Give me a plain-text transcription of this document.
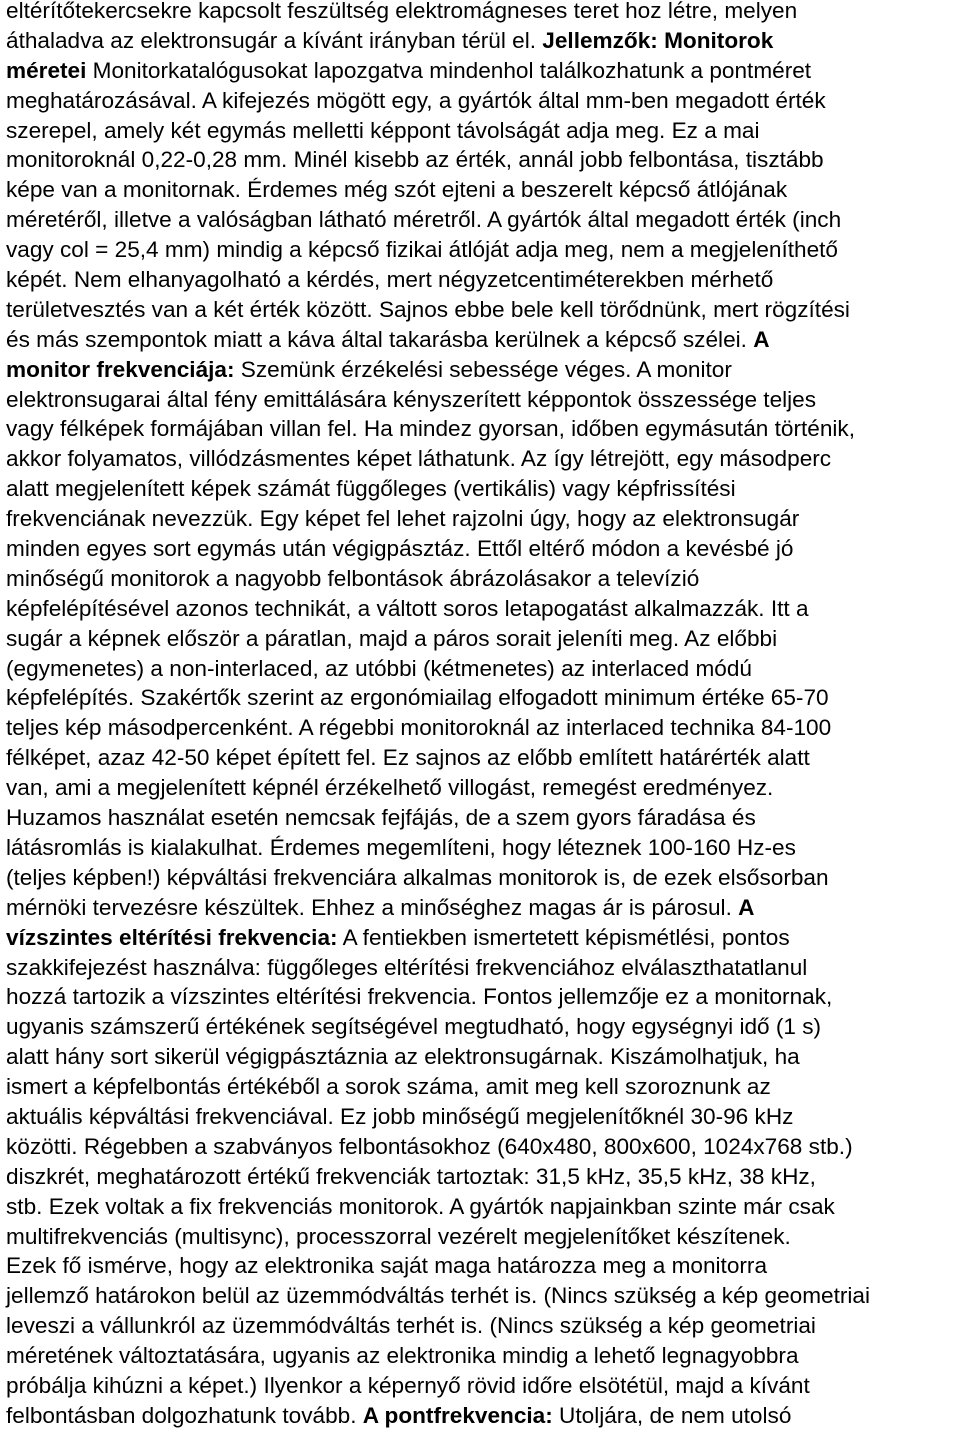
eltérítőtekercsekre kapcsolt feszültség elektromágneses teret hoz létre, melyen
áthaladva az elektronsugár a kívánt irányban térül el. Jellemzők: Monitorok
méretei Monitorkatalógusokat lapozgatva mindenhol találkozhatunk a pontméret
meghatározásával. A kifejezés mögött egy, a gyártók által mm-ben megadott érték
szerepel, amely két egymás melletti képpont távolságát adja meg. Ez a mai
monitoroknál 0,22-0,28 mm. Minél kisebb az érték, annál jobb felbontása, tisztább
képe van a monitornak. Érdemes még szót ejteni a beszerelt képcső átlójának
méretéről, illetve a valóságban látható méretről. A gyártók által megadott érték (inch
vagy col = 25,4 mm) mindig a képcső fizikai átlóját adja meg, nem a megjeleníthető
képét. Nem elhanyagolható a kérdés, mert négyzetcentiméterekben mérhető
területvesztés van a két érték között. Sajnos ebbe bele kell törődnünk, mert rögzítési
és más szempontok miatt a káva által takarásba kerülnek a képcső szélei. A
monitor frekvenciája: Szemünk érzékelési sebessége véges. A monitor
elektronsugarai által fény emittálására kényszerített képpontok összessége teljes
vagy félképek formájában villan fel. Ha mindez gyorsan, időben egymásután történik,
akkor folyamatos, villódzásmentes képet láthatunk. Az így létrejött, egy másodperc
alatt megjelenített képek számát függőleges (vertikális) vagy képfrissítési
frekvenciának nevezzük. Egy képet fel lehet rajzolni úgy, hogy az elektronsugár
minden egyes sort egymás után végigpásztáz. Ettől eltérő módon a kevésbé jó
minőségű monitorok a nagyobb felbontások ábrázolásakor a televízió
képfelépítésével azonos technikát, a váltott soros letapogatást alkalmazzák. Itt a
sugár a képnek először a páratlan, majd a páros sorait jeleníti meg. Az előbbi
(egymenetes) a non-interlaced, az utóbbi (kétmenetes) az interlaced módú
képfelépítés. Szakértők szerint az ergonómiailag elfogadott minimum értéke 65-70
teljes kép másodpercenként. A régebbi monitoroknál az interlaced technika 84-100
félképet, azaz 42-50 képet épített fel. Ez sajnos az előbb említett határérték alatt
van, ami a megjelenített képnél érzékelhető villogást, remegést eredményez.
Huzamos használat esetén nemcsak fejfájás, de a szem gyors fáradása és
látásromlás is kialakulhat. Érdemes megemlíteni, hogy léteznek 100-160 Hz-es
(teljes képben!) képváltási frekvenciára alkalmas monitorok is, de ezek elsősorban
mérnöki tervezésre készültek. Ehhez a minőséghez magas ár is párosul. A
vízszintes eltérítési frekvencia: A fentiekben ismertetett képismétlési, pontos
szakkifejezést használva: függőleges eltérítési frekvenciához elválaszthatatlanul
hozzá tartozik a vízszintes eltérítési frekvencia. Fontos jellemzője ez a monitornak,
ugyanis számszerű értékének segítségével megtudható, hogy egységnyi idő (1 s)
alatt hány sort sikerül végigpásztáznia az elektronsugárnak. Kiszámolhatjuk, ha
ismert a képfelbontás értékéből a sorok száma, amit meg kell szoroznunk az
aktuális képváltási frekvenciával. Ez jobb minőségű megjelenítőknél 30-96 kHz
közötti. Régebben a szabványos felbontásokhoz (640x480, 800x600, 1024x768 stb.)
diszkrét, meghatározott értékű frekvenciák tartoztak: 31,5 kHz, 35,5 kHz, 38 kHz,
stb. Ezek voltak a fix frekvenciás monitorok. A gyártók napjainkban szinte már csak
multifrekvenciás (multisync), processzorral vezérelt megjelenítőket készítenek.
Ezek fő ismérve, hogy az elektronika saját maga határozza meg a monitorra
jellemző határokon belül az üzemmódváltás terhét is. (Nincs szükség a kép geometriai
leveszi a vállunkról az üzemmódváltás terhét is. (Nincs szükség a kép geometriai
méretének változtatására, ugyanis az elektronika mindig a lehető legnagyobbra
próbálja kihúzni a képet.) Ilyenkor a képernyő rövid időre elsötétül, majd a kívánt
felbontásban dolgozhatunk tovább. A pontfrekvencia: Utoljára, de nem utolsó
